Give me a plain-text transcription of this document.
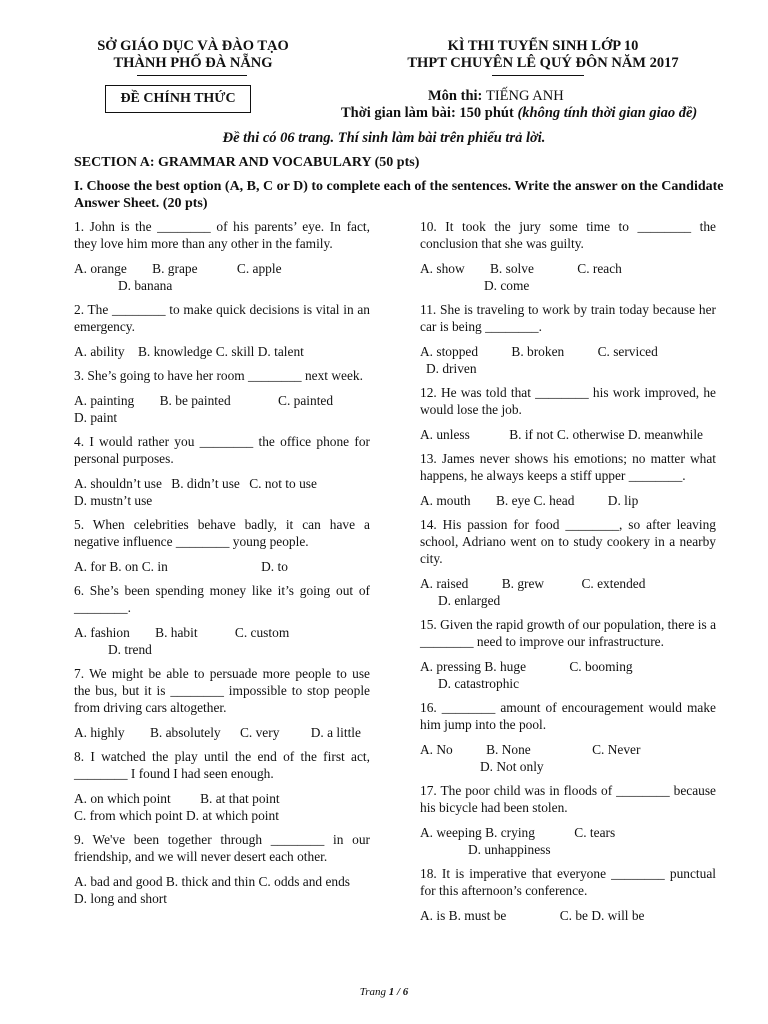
SỞ GIÁO DỤC VÀ ĐÀO TẠO
THÀNH PHỐ ĐÀ NẴNG
KÌ THI TUYỂN SINH LỚP 10
THPT CHUYÊN LÊ QUÝ ĐÔN NĂM 2017
ĐỀ CHÍNH THỨC	Môn thi: TIẾNG ANH
Thời gian làm bài: 150 phút (không tính thời gian giao đề)
Đề thi có 06 trang. Thí sinh làm bài trên phiếu trả lời.
SECTION A: GRAMMAR AND VOCABULARY (50 pts)
I. Choose the best option (A, B, C or D) to complete each of the sentences. Write the answer on the Candidate Answer Sheet. (20 pts)
1. John is the ________ of his parents’ eye. In fact, they love him more than any other in the family.
A. orange B. grape	C. apple
D. banana
2. The ________ to make quick decisions is vital in an emergency.
A. ability B. knowledge C. skill D. talent
3. She’s going to have her room ________ next week.
A. painting B. be painted	C. painted D. paint
4. I would rather you ________ the office phone for personal purposes.
A. shouldn’t use B. didn’t use C. not to use D. mustn’t use
5. When celebrities behave badly, it can have a negative influence ________ young people.
A. for B. on C. in	D. to
6. She’s been spending money like it’s going out of ________.
A. fashion B. habit	C. custom D. trend
7. We might be able to persuade more people to use the bus, but it is ________ impossible to stop people from driving cars altogether.
A. highly B. absolutely C. very D. a little
8. I watched the play until the end of the first act, ________ I found I had seen enough.
A. on which point B. at that point C. from which point D. at which point
9. We've been together through ________ in our friendship, and we will never desert each other.
A. bad and good B. thick and thin C. odds and ends D. long and short
10. It took the jury some time to ________ the conclusion that she was guilty.
A. show B. solve	C. reach
D. come
11. She is traveling to work by train today because her car is being ________.
A. stopped B. broken C. serviced D. driven
12. He was told that ________ his work improved, he would lose the job.
A. unless	B. if not C. otherwise D. meanwhile
13. James never shows his emotions; no matter what happens, he always keeps a stiff upper ________.
A. mouth B. eye C. head D. lip
14. His passion for food ________, so after leaving school, Adriano went on to study cookery in a nearby city.
A. raised B. grew	C. extended D. enlarged
15. Given the rapid growth of our population, there is a ________ need to improve our infrastructure.
A. pressing B. huge	C. booming D. catastrophic
16. ________ amount of encouragement would make him jump into the pool.
A. No B. None	C. Never D. Not only
17. The poor child was in floods of ________ because his bicycle had been stolen.
A. weeping B. crying	C. tears
D. unhappiness
18. It is imperative that everyone ________ punctual for this afternoon’s conference.
A. is B. must be	C. be D. will be
Trang 1 / 6
